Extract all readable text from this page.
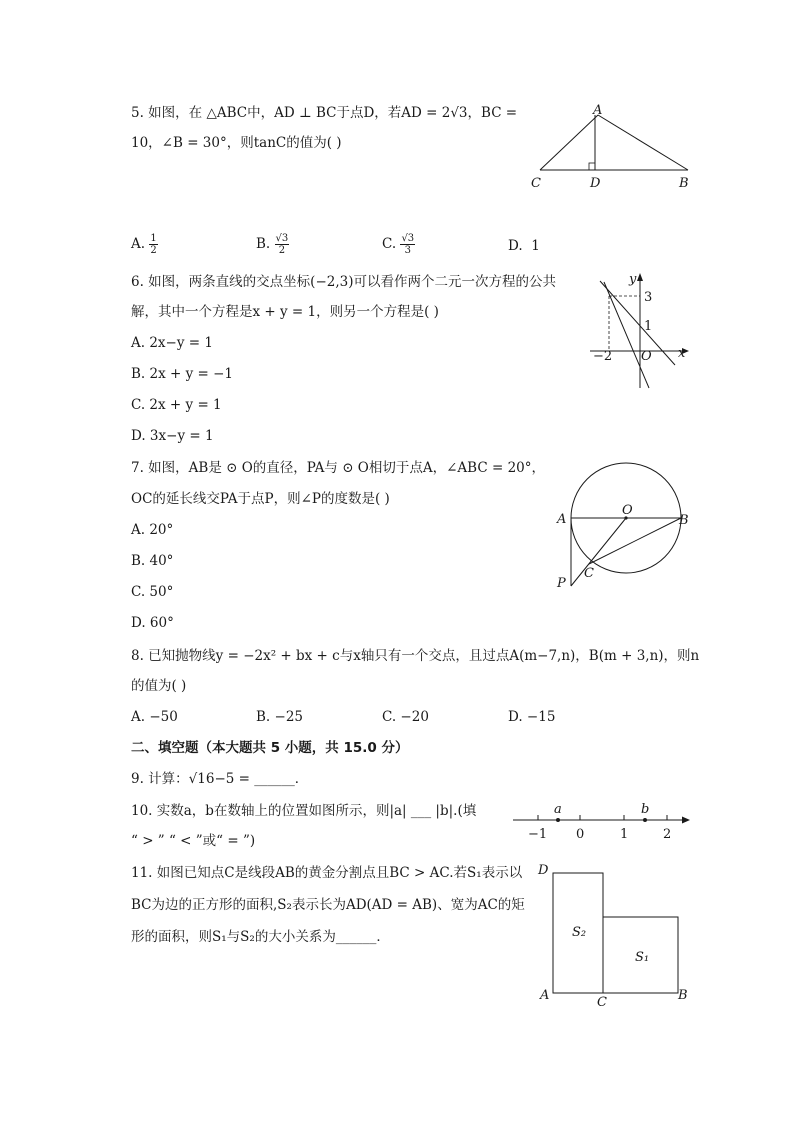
5. 如图，在 △ABC中，AD ⊥ BC于点D，若AD = 2√3，BC =
10，∠B = 30°，则tanC的值为( )
A
C	D	B
A. $\frac{1}{2}$	B. $\frac{√3}{2}$	C. $\frac{√3}{3}$	D. 1
6. 如图，两条直线的交点坐标(−2,3)可以看作两个二元一次方程的公共
解，其中一个方程是x + y = 1，则另一个方程是( )
A. 2x−y = 1
B. 2x + y = −1
C. 2x + y = 1
D. 3x−y = 1
y
x
3
1
−2 O
7. 如图，AB是 ⊙ O的直径，PA与 ⊙ O相切于点A，∠ABC = 20°，
OC的延长线交PA于点P，则∠P的度数是( )
A. 20°
B. 40°
C. 50°
D. 60°
O
A	B
C
P
8. 已知抛物线y = −2x² + bx + c与x轴只有一个交点，且过点A(m−7,n)，B(m + 3,n)，则n
的值为( )
A. −50	B. −25	C. −20	D. −15
二、填空题（本大题共 5 小题，共 15.0 分）
9. 计算：√16−5 = ______．
10. 实数a，b在数轴上的位置如图所示，则|a| ___ |b|.(填
“ > ” “ < ”或“ = ”)
a	b
−1 0	1	2
11. 如图已知点C是线段AB的黄金分割点且BC > AC.若S₁表示以
BC为边的正方形的面积,S₂表示长为AD(AD = AB)、宽为AC的矩
形的面积，则S₁与S₂的大小关系为______．
D
A	C	B
S₂
S₁
